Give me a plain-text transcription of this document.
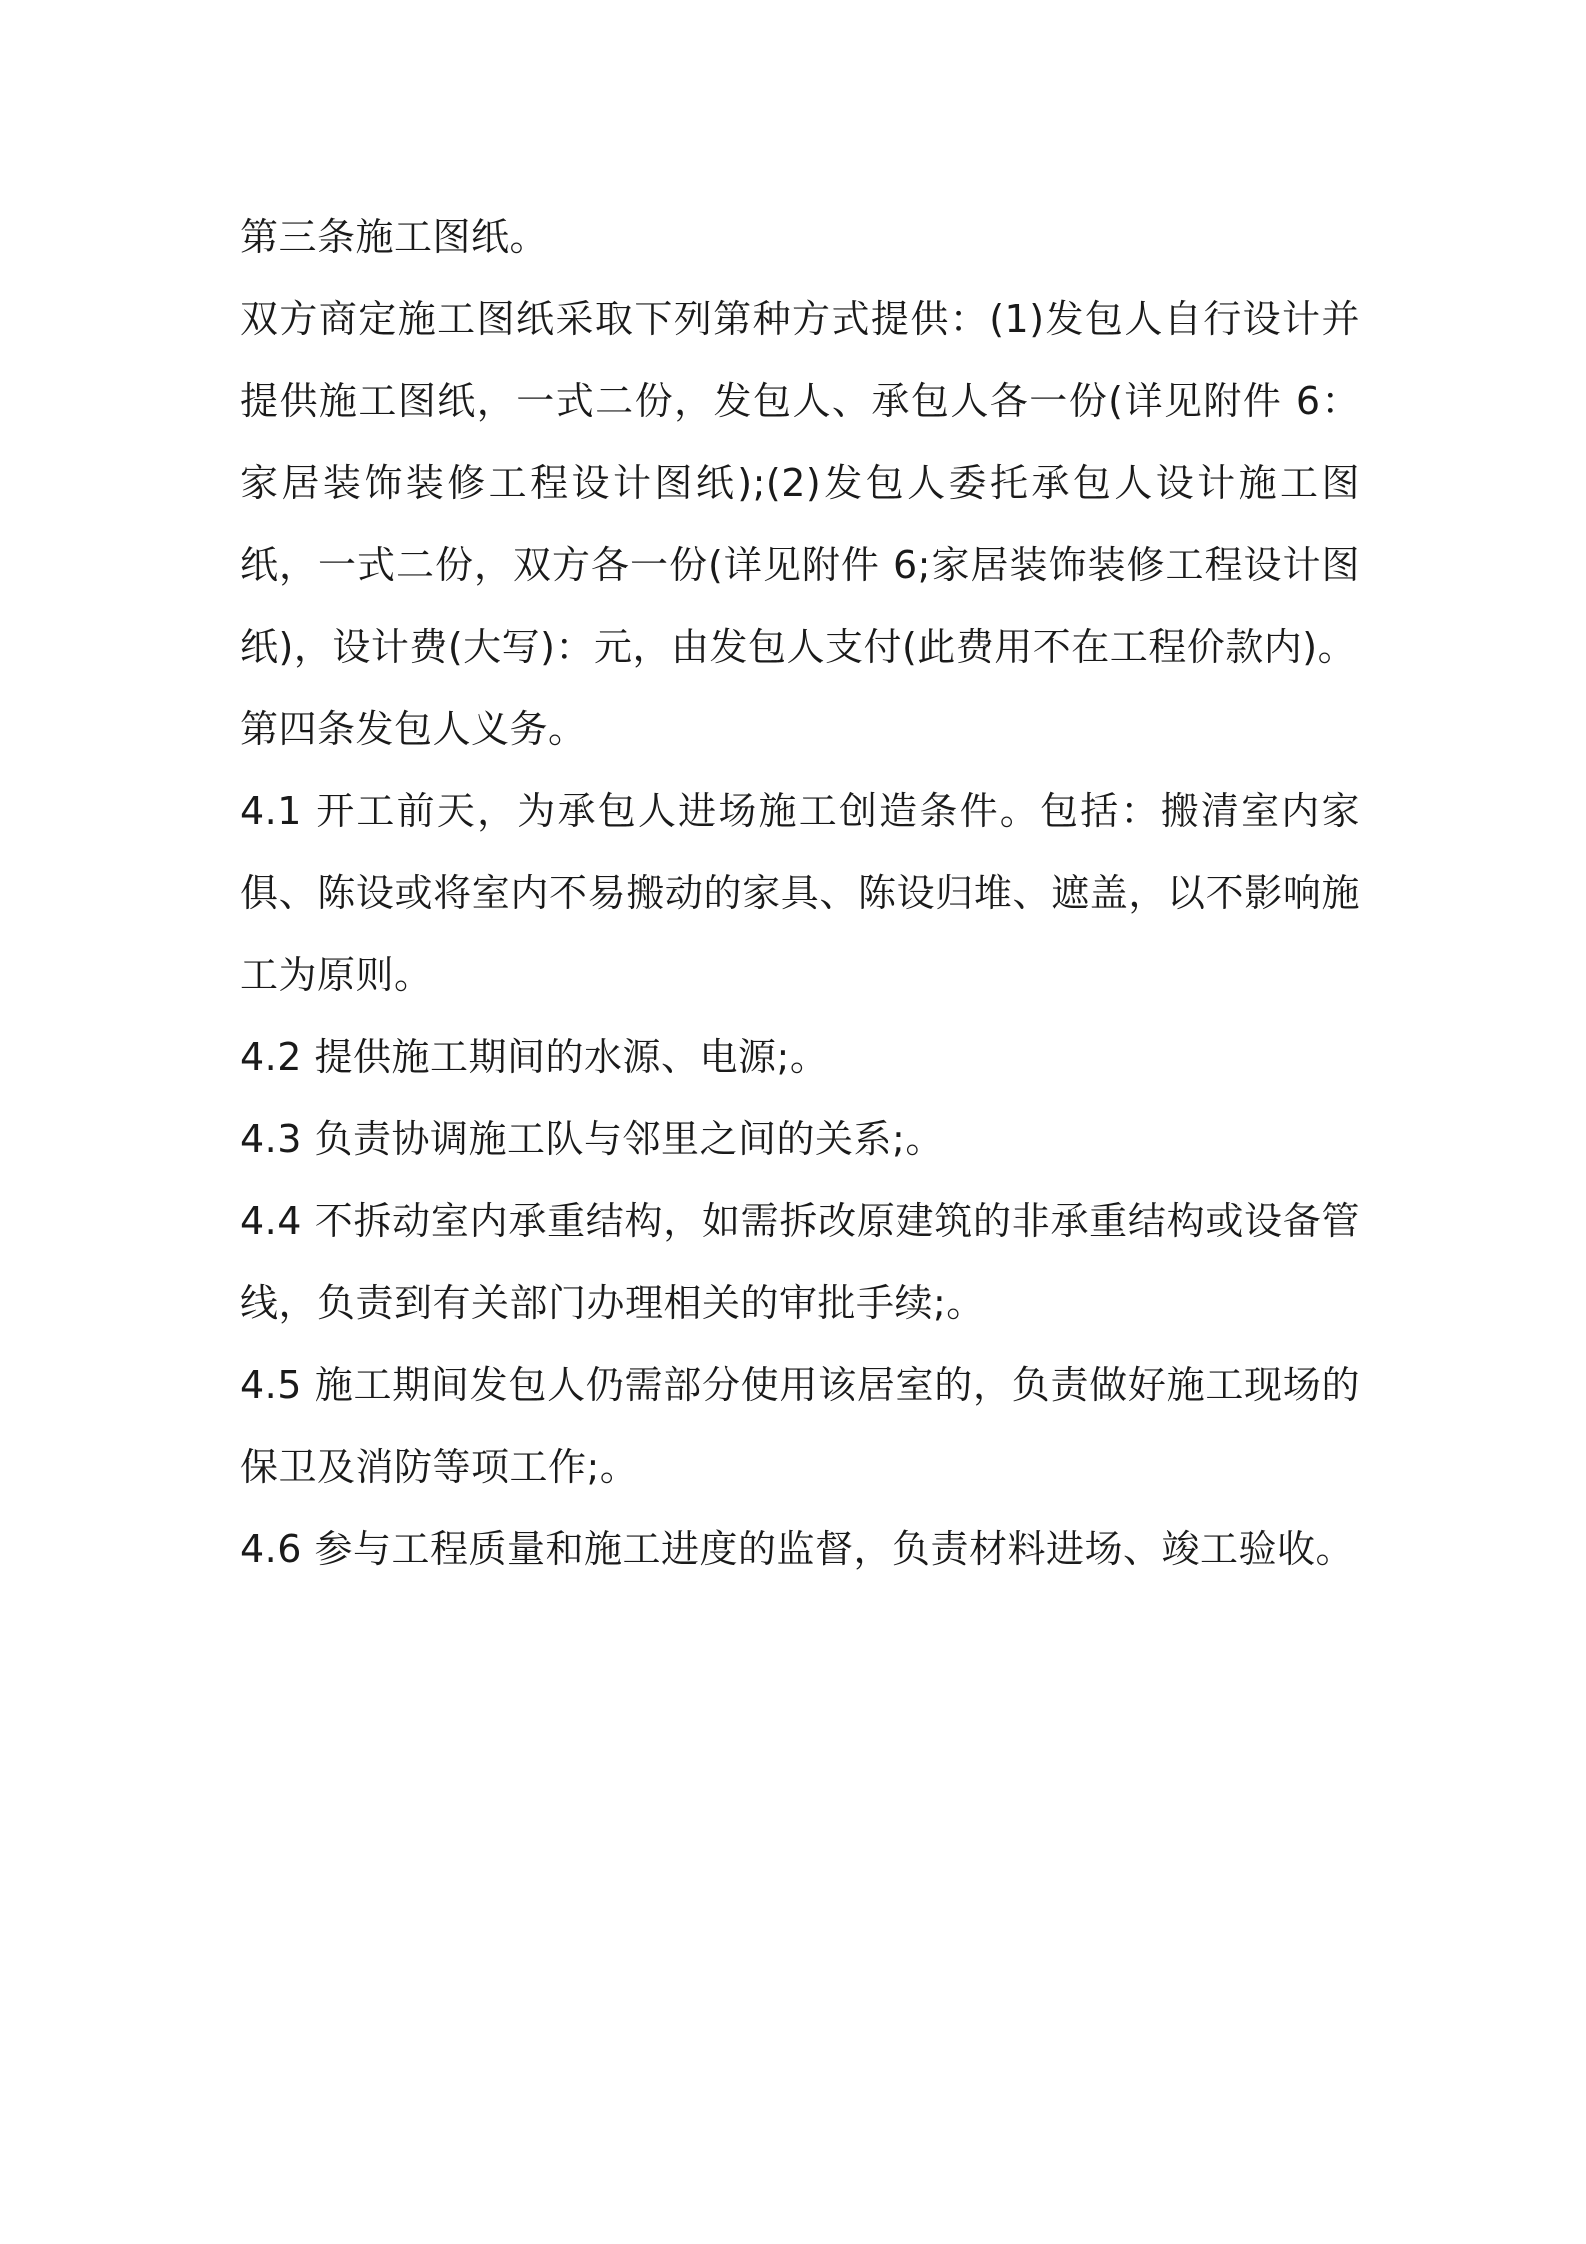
第三条施工图纸。

双方商定施工图纸采取下列第种方式提供：(1)发包人自行设计并提供施工图纸，一式二份，发包人、承包人各一份(详见附件 6：家居装饰装修工程设计图纸);(2)发包人委托承包人设计施工图纸，一式二份，双方各一份(详见附件 6;家居装饰装修工程设计图纸)，设计费(大写)：元，由发包人支付(此费用不在工程价款内)。

第四条发包人义务。

4.1 开工前天，为承包人进场施工创造条件。包括：搬清室内家俱、陈设或将室内不易搬动的家具、陈设归堆、遮盖，以不影响施工为原则。

4.2 提供施工期间的水源、电源;。

4.3 负责协调施工队与邻里之间的关系;。

4.4 不拆动室内承重结构，如需拆改原建筑的非承重结构或设备管线，负责到有关部门办理相关的审批手续;。

4.5 施工期间发包人仍需部分使用该居室的，负责做好施工现场的保卫及消防等项工作;。

4.6 参与工程质量和施工进度的监督，负责材料进场、竣工验收。
